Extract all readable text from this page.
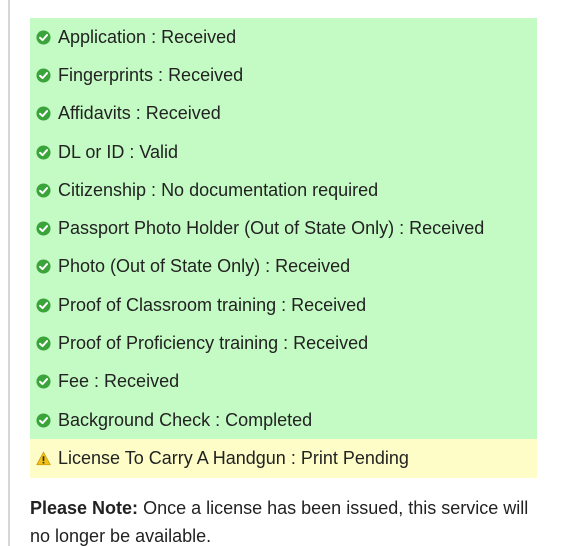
Application : Received
Fingerprints : Received
Affidavits : Received
DL or ID : Valid
Citizenship : No documentation required
Passport Photo Holder (Out of State Only) : Received
Photo (Out of State Only) : Received
Proof of Classroom training : Received
Proof of Proficiency training : Received
Fee : Received
Background Check : Completed
License To Carry A Handgun : Print Pending
Please Note: Once a license has been issued, this service will no longer be available.
